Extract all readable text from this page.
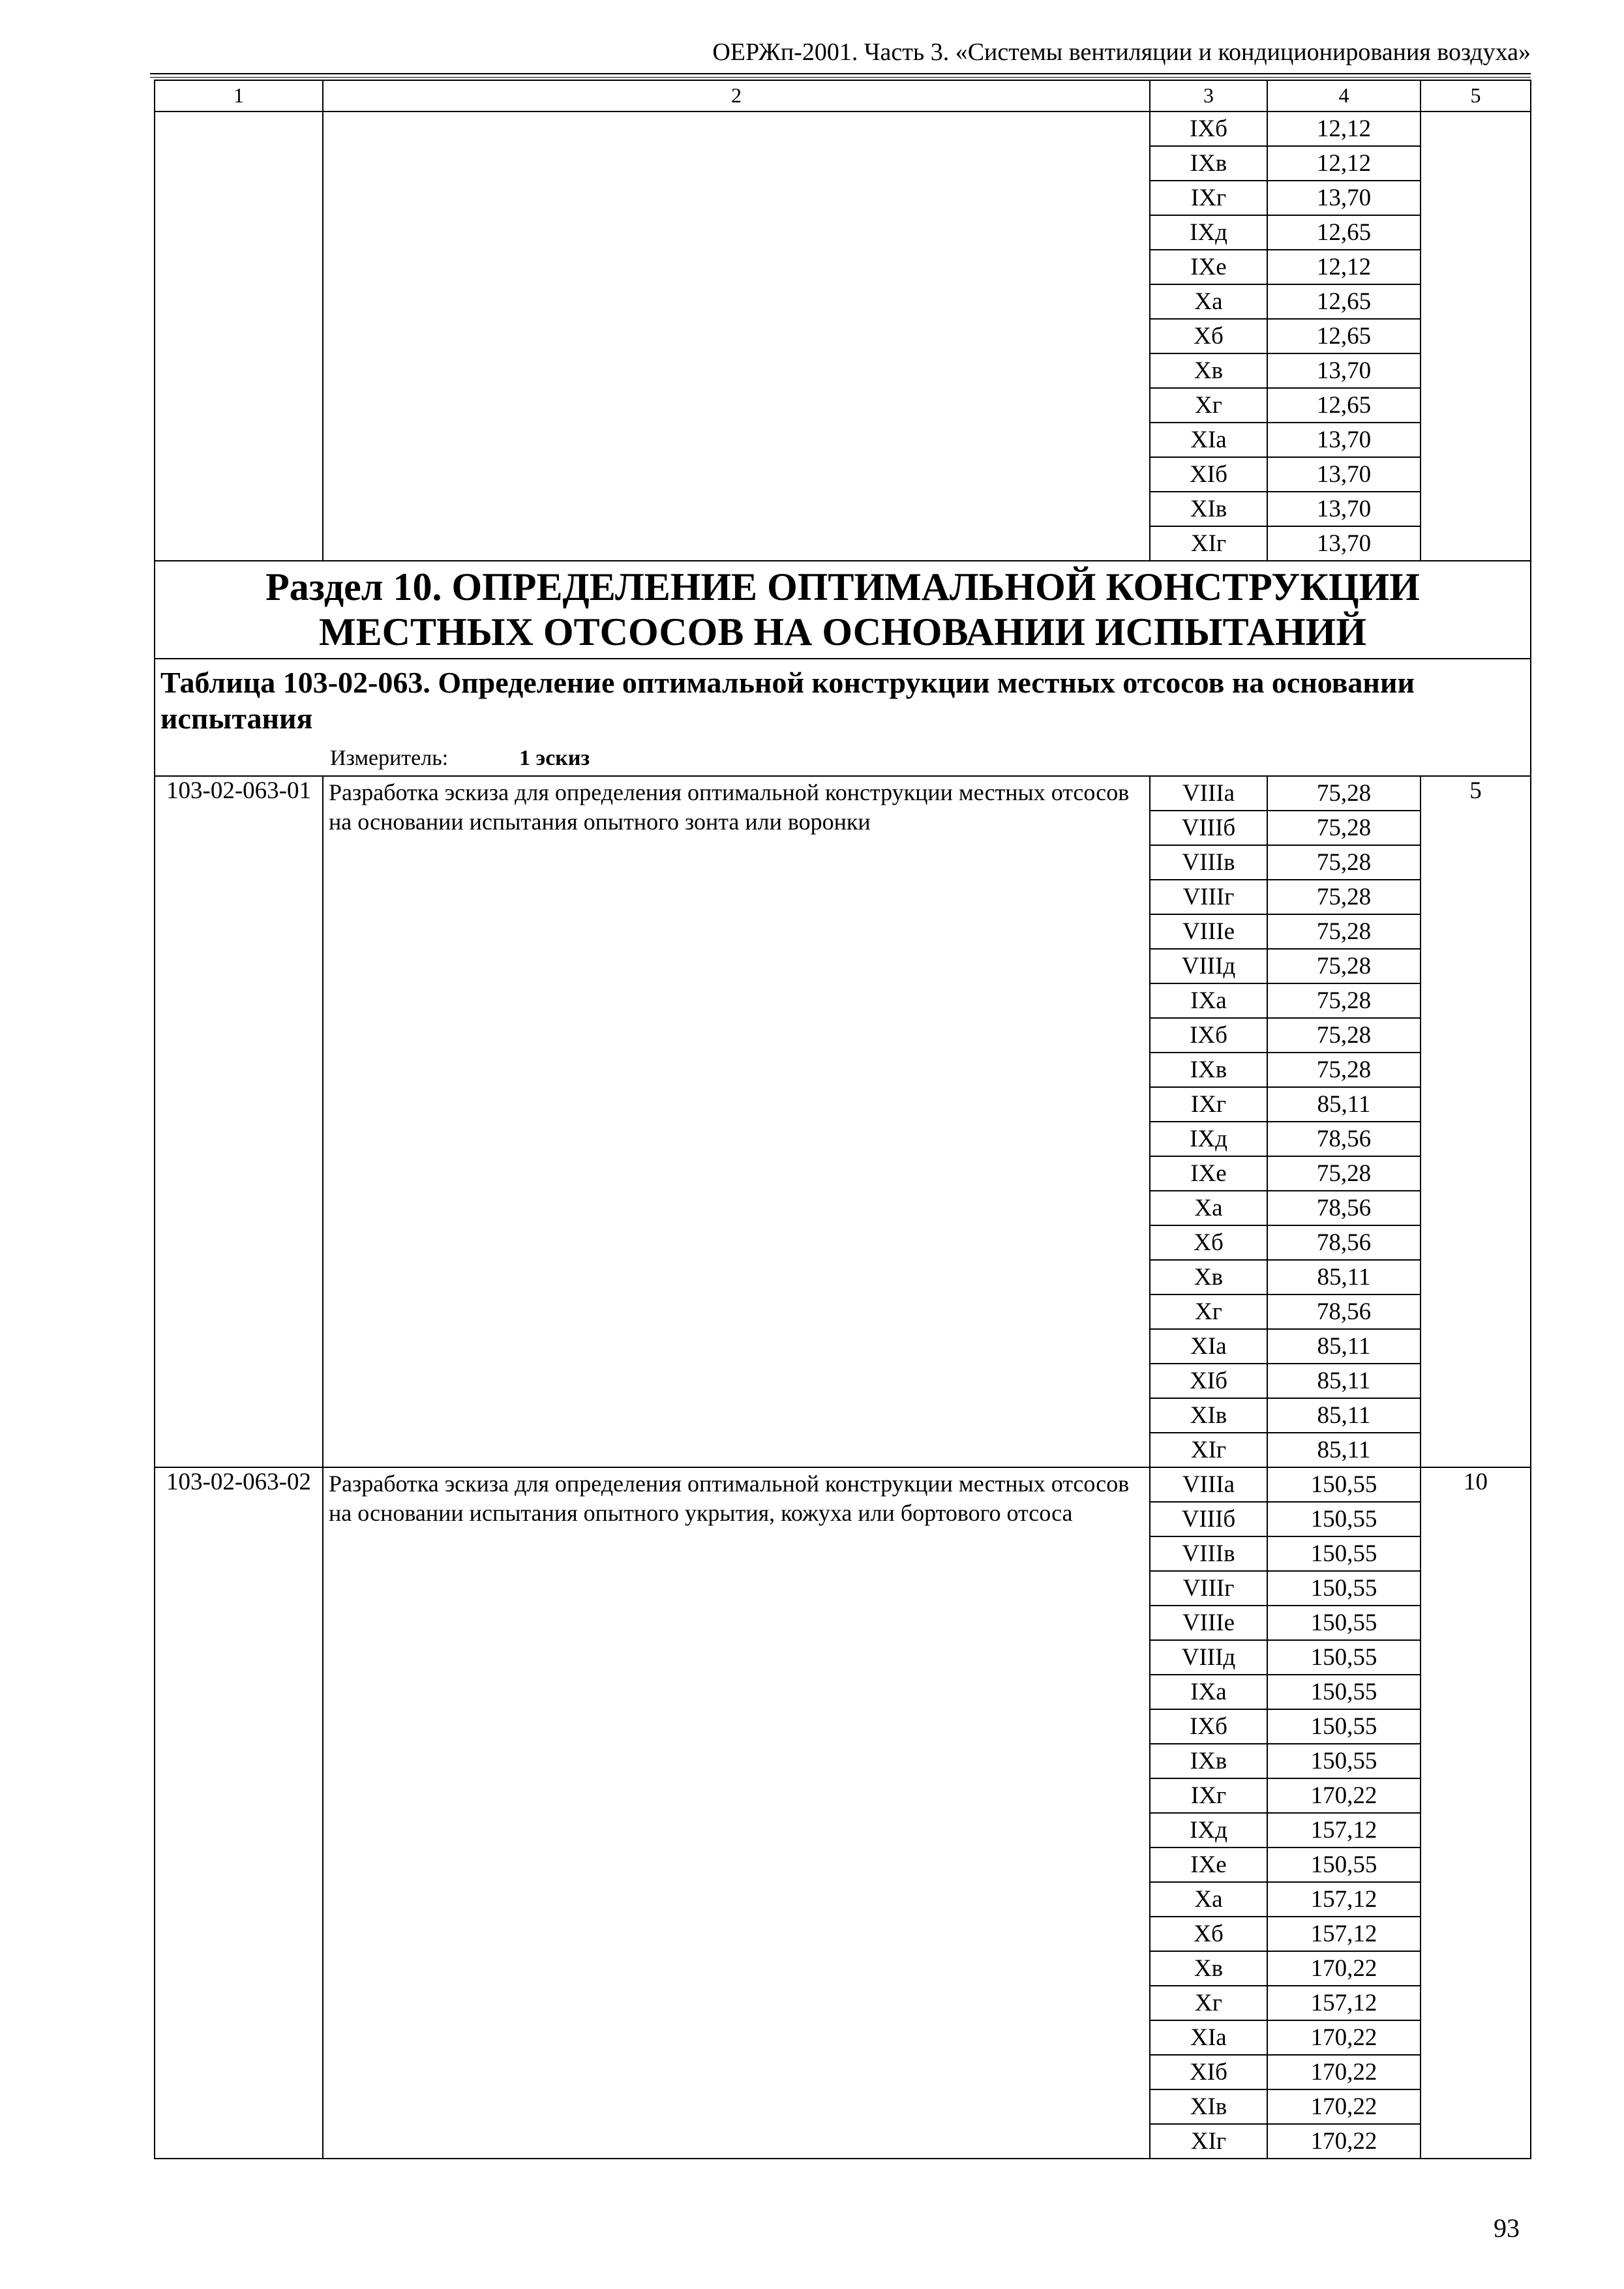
ОЕРЖп-2001. Часть 3. «Системы вентиляции и кондиционирования воздуха»
1	2	3	4	5
		IXб	12,12	
		IXв	12,12	
		IXг	13,70	
		IXд	12,65	
		IXе	12,12	
		Xа	12,65	
		Xб	12,65	
		Xв	13,70	
		Xг	12,65	
		XIа	13,70	
		XIб	13,70	
		XIв	13,70	
		XIг	13,70	
Раздел 10. ОПРЕДЕЛЕНИЕ ОПТИМАЛЬНОЙ КОНСТРУКЦИИ МЕСТНЫХ ОТСОСОВ НА ОСНОВАНИИ ИСПЫТАНИЙ				

Таблица 103-02-063. Определение оптимальной конструкции местных отсосов на основании испытания
Измеритель: 1 эскиз				

103-02-063-01	Разработка эскиза для определения оптимальной конструкции местных отсосов на основании испытания опытного зонта или воронки	VIIIа	75,28	5
		VIIIб	75,28	
		VIIIв	75,28	
		VIIIг	75,28	
		VIIIе	75,28	
		VIIIд	75,28	
		IXа	75,28	
		IXб	75,28	
		IXв	75,28	
		IXг	85,11	
		IXд	78,56	
		IXе	75,28	
		Xа	78,56	
		Xб	78,56	
		Xв	85,11	
		Xг	78,56	
		XIа	85,11	
		XIб	85,11	
		XIв	85,11	
		XIг	85,11	
103-02-063-02	Разработка эскиза для определения оптимальной конструкции местных отсосов на основании испытания опытного укрытия, кожуха или бортового отсоса	VIIIа	150,55	10
		VIIIб	150,55	
		VIIIв	150,55	
		VIIIг	150,55	
		VIIIе	150,55	
		VIIIд	150,55	
		IXа	150,55	
		IXб	150,55	
		IXв	150,55	
		IXг	170,22	
		IXд	157,12	
		IXе	150,55	
		Xа	157,12	
		Xб	157,12	
		Xв	170,22	
		Xг	157,12	
		XIа	170,22	
		XIб	170,22	
		XIв	170,22	
		XIг	170,22	
93
